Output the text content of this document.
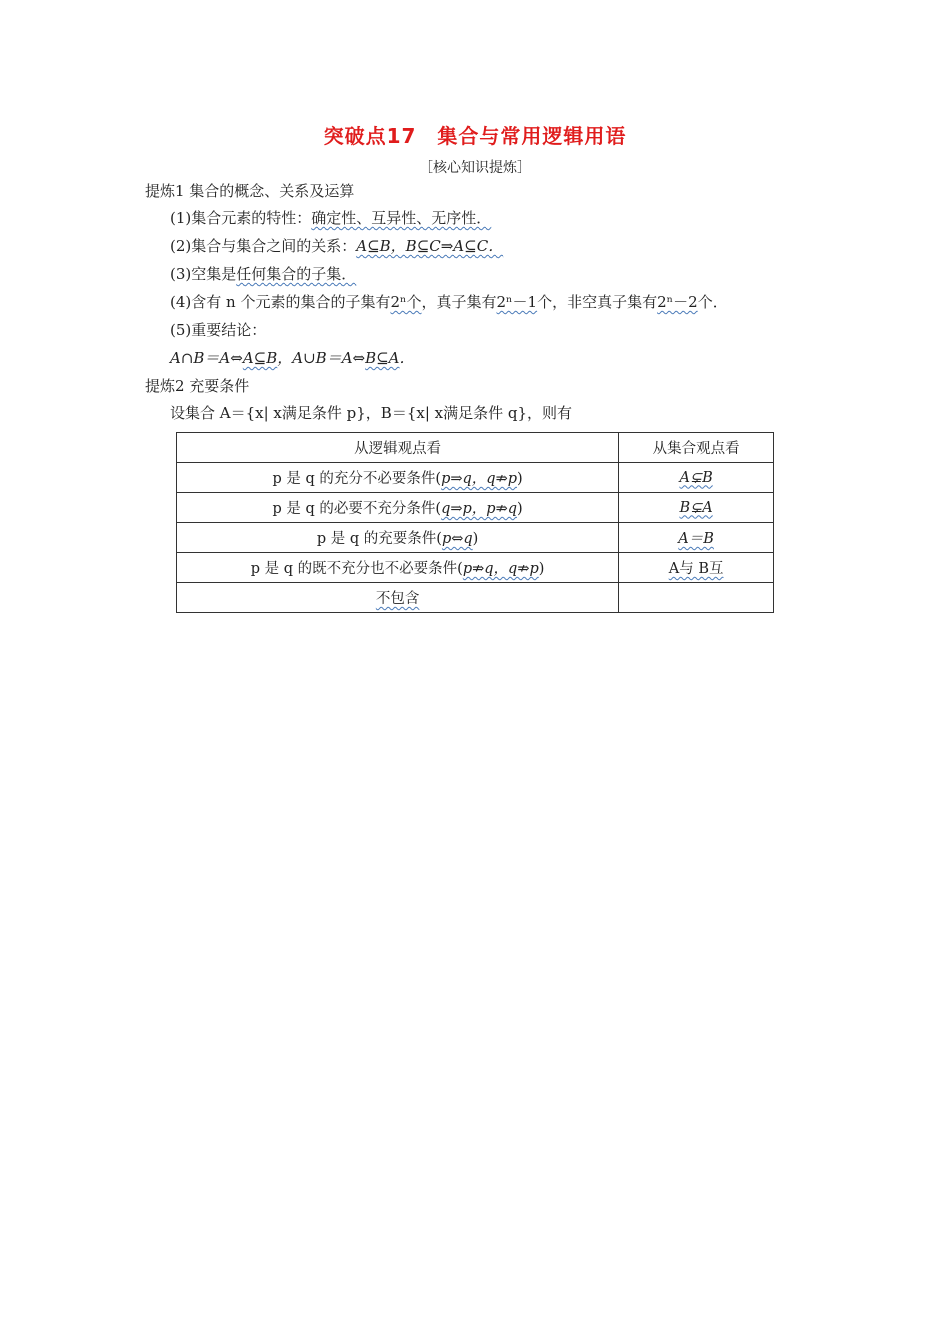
突破点17　集合与常用逻辑用语
［核心知识提炼］
提炼1 集合的概念、关系及运算
(1)集合元素的特性：确定性、互异性、无序性．
(2)集合与集合之间的关系：A⊆B，B⊆C⇒A⊆C．
(3)空集是任何集合的子集．
(4)含有 n 个元素的集合的子集有2ⁿ个，真子集有2ⁿ－1个，非空真子集有2ⁿ－2个．
(5)重要结论：
A∩B＝A⇔A⊆B，A∪B＝A⇔B⊆A．
提炼2 充要条件
设集合 A＝{x| x满足条件 p}，B＝{x| x满足条件 q}，则有
从逻辑观点看	从集合观点看
p 是 q 的充分不必要条件(p⇒q，q⇏p)	A⊊B
p 是 q 的必要不充分条件(q⇒p，p⇏q)	B⊊A
p 是 q 的充要条件(p⇔q)	A＝B
p 是 q 的既不充分也不必要条件(p⇏q，q⇏p)	A与 B互
不包含	
